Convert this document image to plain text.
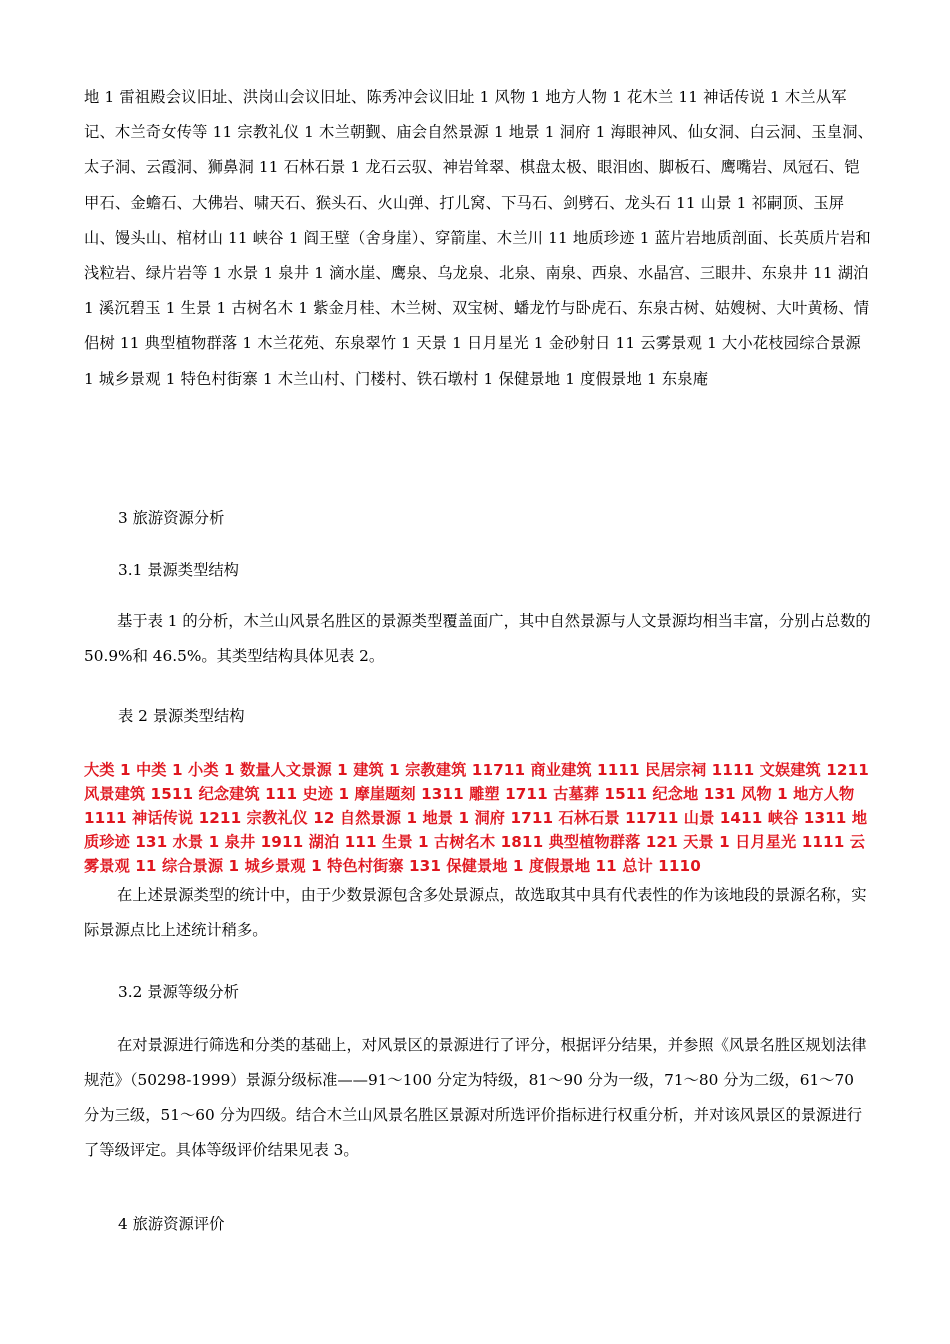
地 1 雷祖殿会议旧址、洪岗山会议旧址、陈秀冲会议旧址 1 风物 1 地方人物 1 花木兰 11 神话传说 1 木兰从军记、木兰奇女传等 11 宗教礼仪 1 木兰朝觐、庙会自然景源 1 地景 1 洞府 1 海眼神风、仙女洞、白云洞、玉皇洞、太子洞、云霞洞、狮鼻洞 11 石林石景 1 龙石云驭、神岩耸翠、棋盘太极、眼泪凼、脚板石、鹰嘴岩、凤冠石、铠甲石、金蟾石、大佛岩、啸天石、猴头石、火山弹、打儿窝、下马石、剑劈石、龙头石 11 山景 1 祁嗣顶、玉屏山、馒头山、棺材山 11 峡谷 1 阎王壁（舍身崖）、穿箭崖、木兰川 11 地质珍迹 1 蓝片岩地质剖面、长英质片岩和浅粒岩、绿片岩等 1 水景 1 泉井 1 滴水崖、鹰泉、乌龙泉、北泉、南泉、西泉、水晶宫、三眼井、东泉井 11 湖泊 1 溪沉碧玉 1 生景 1 古树名木 1 紫金月桂、木兰树、双宝树、蟠龙竹与卧虎石、东泉古树、姑嫂树、大叶黄杨、情侣树 11 典型植物群落 1 木兰花苑、东泉翠竹 1 天景 1 日月星光 1 金砂射日 11 云雾景观 1 大小花枝园综合景源 1 城乡景观 1 特色村街寨 1 木兰山村、门楼村、铁石墩村 1 保健景地 1 度假景地 1 东泉庵
3 旅游资源分析
3.1 景源类型结构
基于表 1 的分析，木兰山风景名胜区的景源类型覆盖面广，其中自然景源与人文景源均相当丰富，分别占总数的 50.9%和 46.5%。其类型结构具体见表 2。
表 2 景源类型结构
大类 1 中类 1 小类 1 数量人文景源 1 建筑 1 宗教建筑 11711 商业建筑 1111 民居宗祠 1111 文娱建筑 1211 风景建筑 1511 纪念建筑 111 史迹 1 摩崖题刻 1311 雕塑 1711 古墓葬 1511 纪念地 131 风物 1 地方人物 1111 神话传说 1211 宗教礼仪 12 自然景源 1 地景 1 洞府 1711 石林石景 11711 山景 1411 峡谷 1311 地质珍迹 131 水景 1 泉井 1911 湖泊 111 生景 1 古树名木 1811 典型植物群落 121 天景 1 日月星光 1111 云雾景观 11 综合景源 1 城乡景观 1 特色村街寨 131 保健景地 1 度假景地 11 总计 1110
在上述景源类型的统计中，由于少数景源包含多处景源点，故选取其中具有代表性的作为该地段的景源名称，实际景源点比上述统计稍多。
3.2 景源等级分析
在对景源进行筛选和分类的基础上，对风景区的景源进行了评分，根据评分结果，并参照《风景名胜区规划法律规范》（50298-1999）景源分级标准——91～100 分定为特级，81～90 分为一级，71～80 分为二级，61～70 分为三级，51～60 分为四级。结合木兰山风景名胜区景源对所选评价指标进行权重分析，并对该风景区的景源进行了等级评定。具体等级评价结果见表 3。
4 旅游资源评价
